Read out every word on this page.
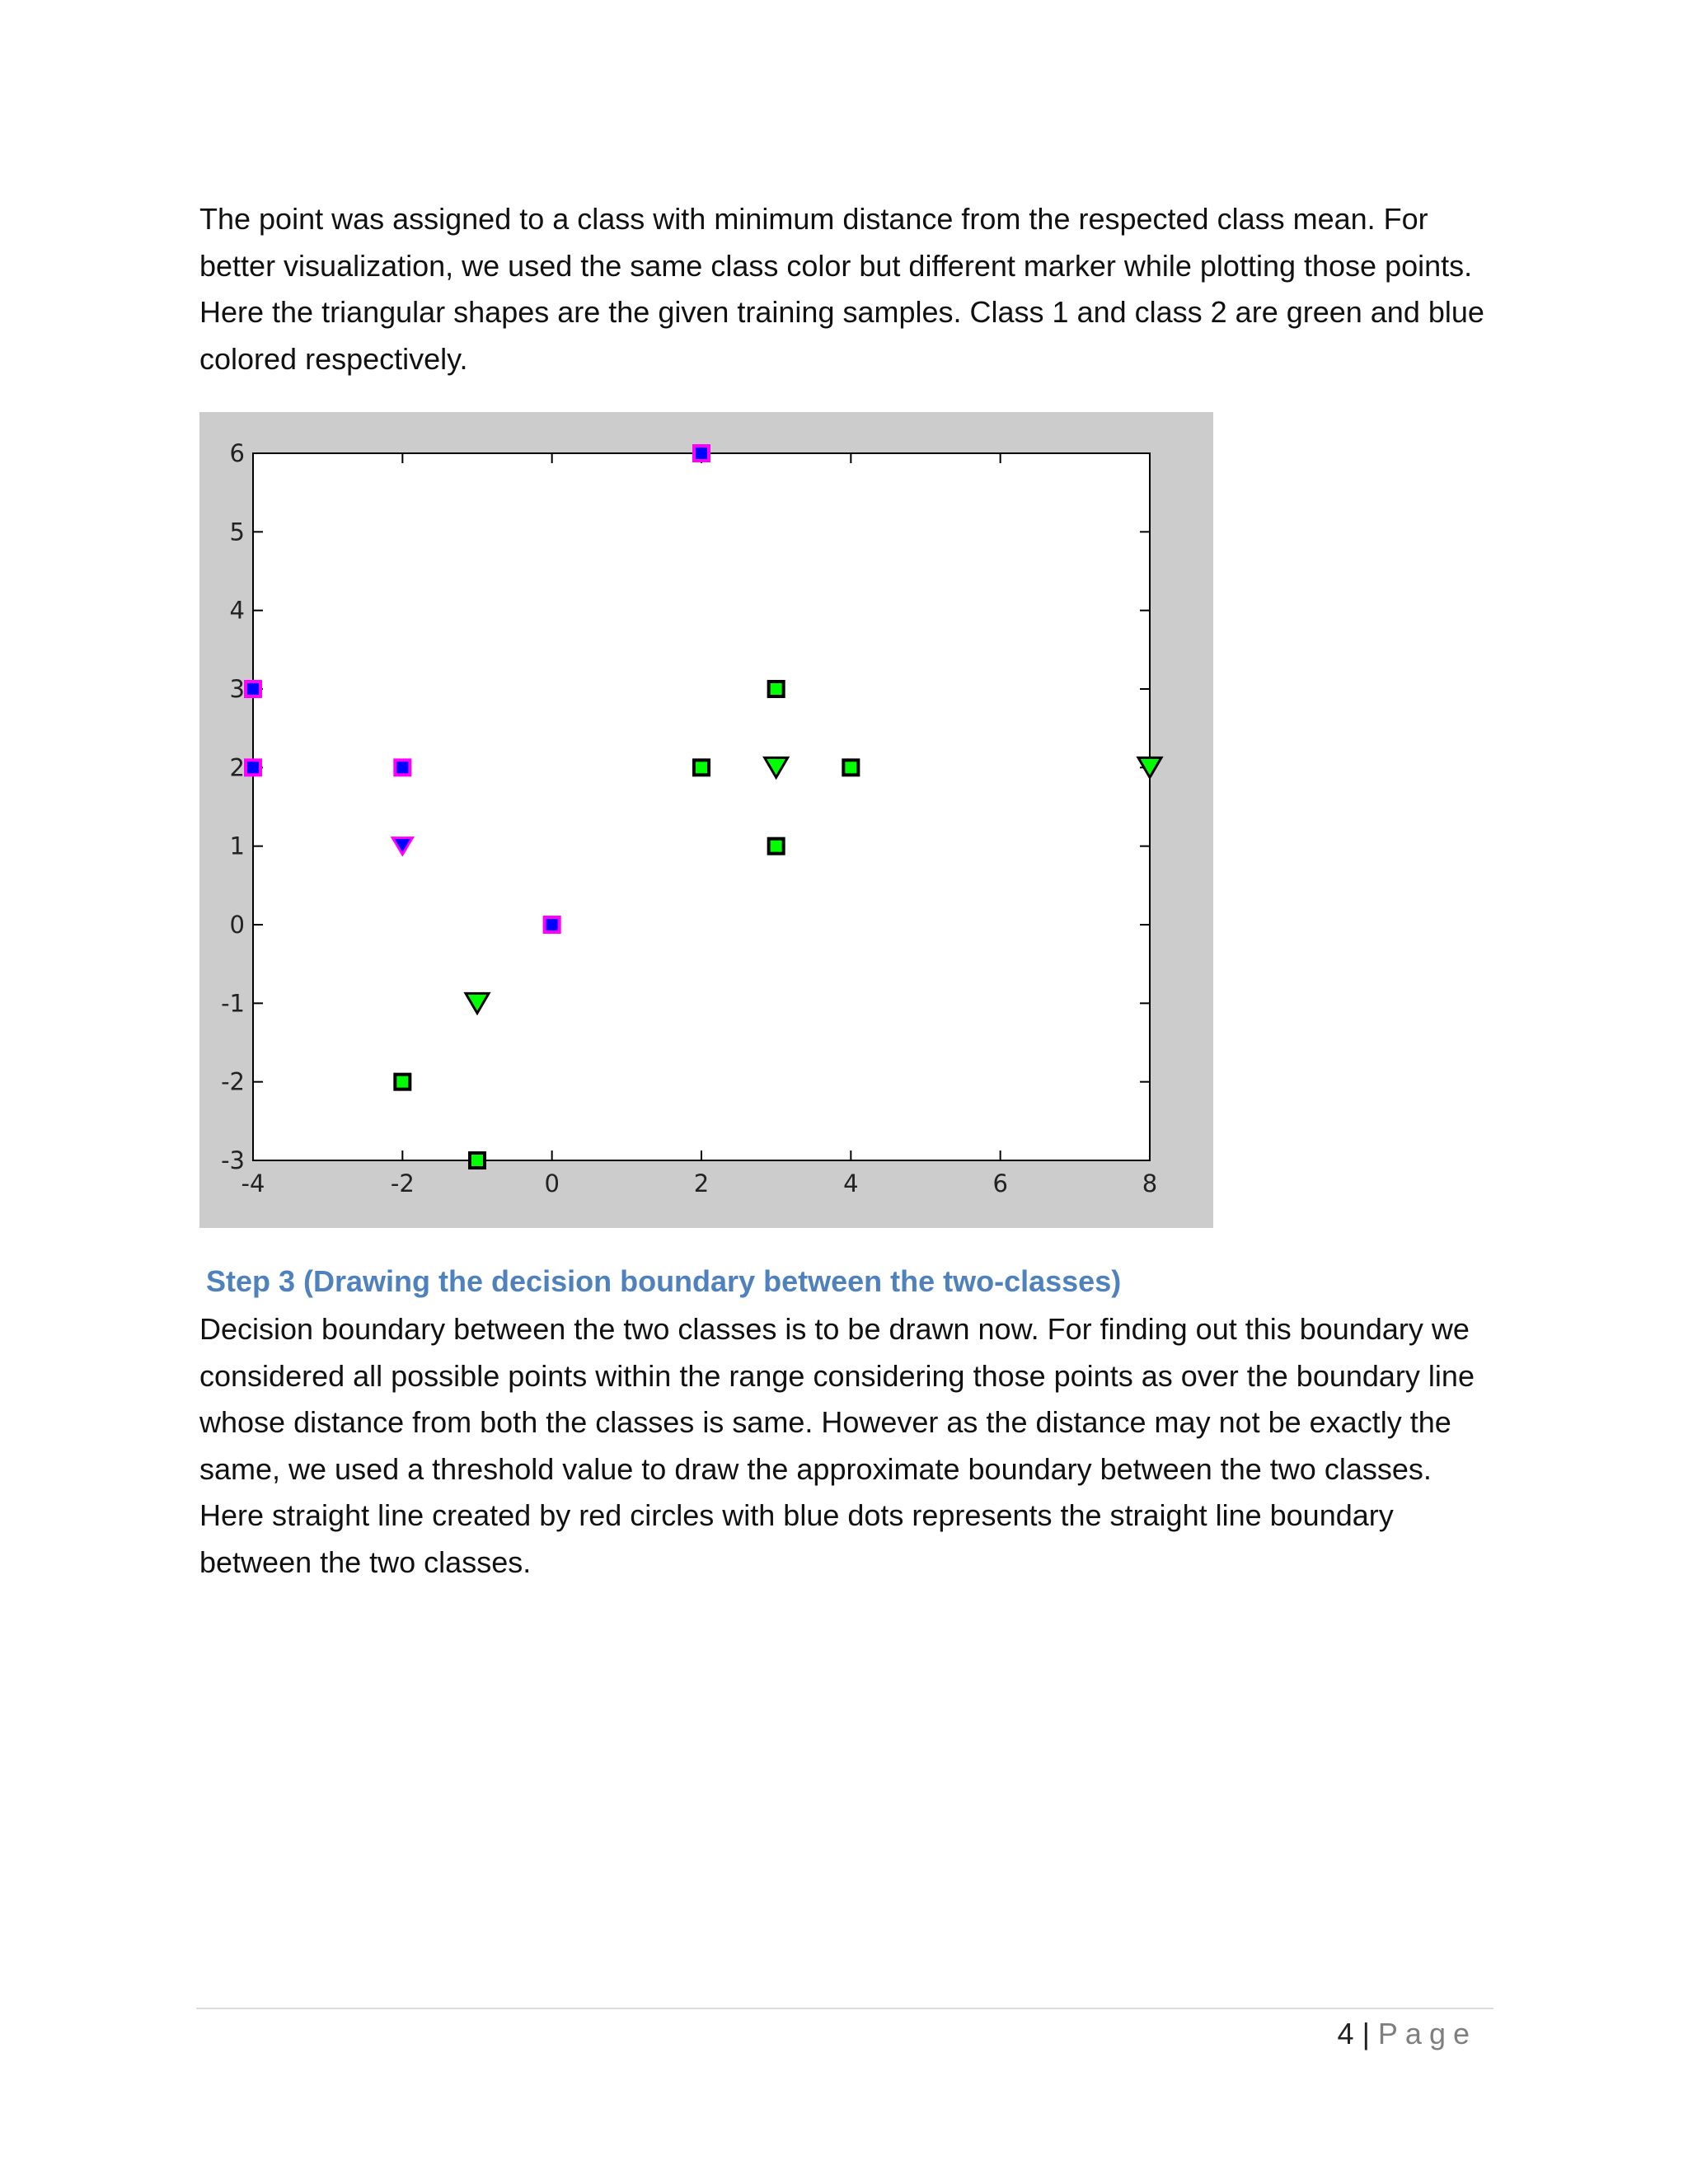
The point was assigned to a class with minimum distance from the respected class mean. For better visualization, we used the same class color but different marker while plotting those points. Here the triangular shapes are the given training samples. Class 1 and class 2 are green and blue colored respectively.

-4	-2	0	2	4	6	8
-3
-2
-1
0
1
2
3
4
5
6
Step 3 (Drawing the decision boundary between the two-classes)

Decision boundary between the two classes is to be drawn now. For finding out this boundary we considered all possible points within the range considering those points as over the boundary line whose distance from both the classes is same. However as the distance may not be exactly the same, we used a threshold value to draw the approximate boundary between the two classes. Here straight line created by red circles with blue dots represents the straight line boundary between the two classes.

4 | Page
